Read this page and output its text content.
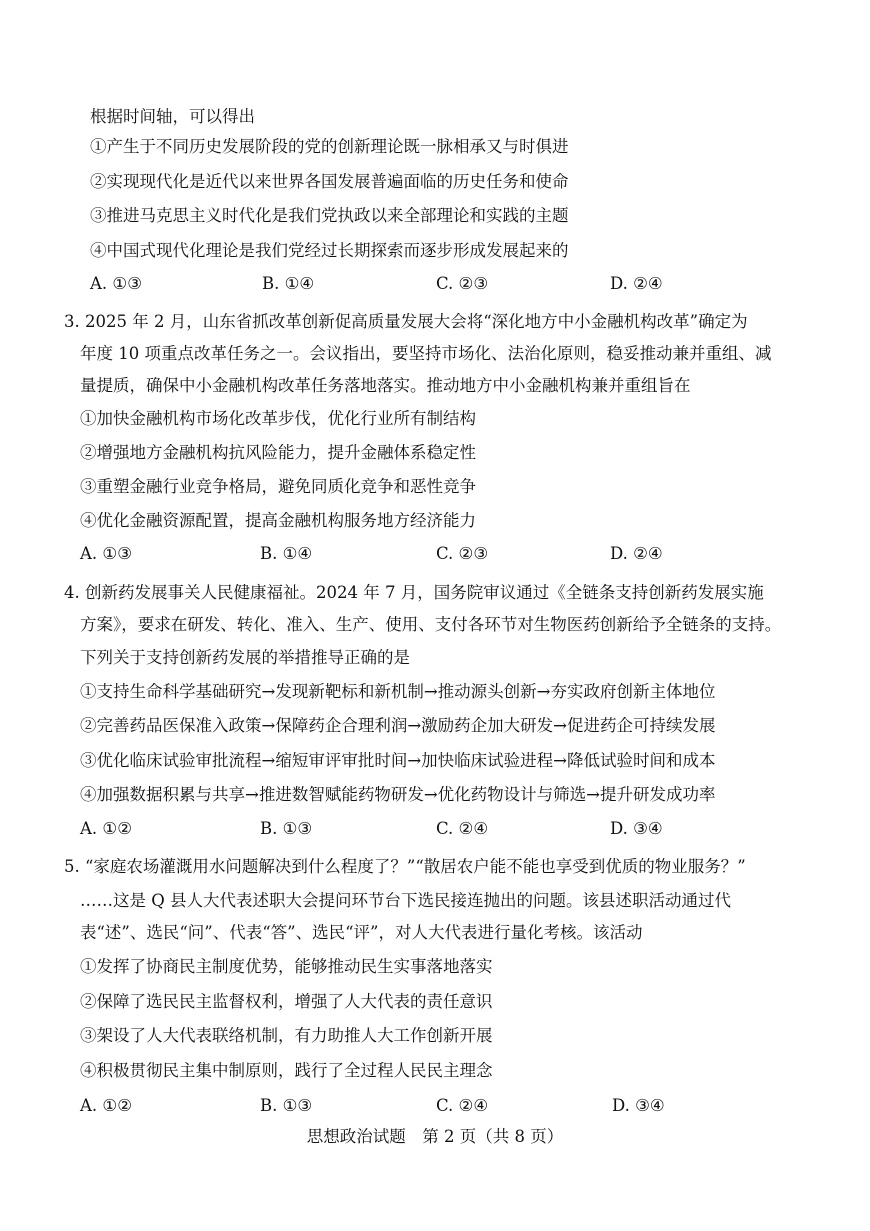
根据时间轴，可以得出
①产生于不同历史发展阶段的党的创新理论既一脉相承又与时俱进
②实现现代化是近代以来世界各国发展普遍面临的历史任务和使命
③推进马克思主义时代化是我们党执政以来全部理论和实践的主题
④中国式现代化理论是我们党经过长期探索而逐步形成发展起来的
A. ①③	B. ①④	C. ②③	D. ②④
3. 2025 年 2 月，山东省抓改革创新促高质量发展大会将“深化地方中小金融机构改革”确定为
年度 10 项重点改革任务之一。会议指出，要坚持市场化、法治化原则，稳妥推动兼并重组、减
量提质，确保中小金融机构改革任务落地落实。推动地方中小金融机构兼并重组旨在
①加快金融机构市场化改革步伐，优化行业所有制结构
②增强地方金融机构抗风险能力，提升金融体系稳定性
③重塑金融行业竞争格局，避免同质化竞争和恶性竞争
④优化金融资源配置，提高金融机构服务地方经济能力
A. ①③	B. ①④	C. ②③	D. ②④
4. 创新药发展事关人民健康福祉。2024 年 7 月，国务院审议通过《全链条支持创新药发展实施
方案》，要求在研发、转化、准入、生产、使用、支付各环节对生物医药创新给予全链条的支持。
下列关于支持创新药发展的举措推导正确的是
①支持生命科学基础研究→发现新靶标和新机制→推动源头创新→夯实政府创新主体地位
②完善药品医保准入政策→保障药企合理利润→激励药企加大研发→促进药企可持续发展
③优化临床试验审批流程→缩短审评审批时间→加快临床试验进程→降低试验时间和成本
④加强数据积累与共享→推进数智赋能药物研发→优化药物设计与筛选→提升研发成功率
A. ①②	B. ①③	C. ②④	D. ③④
5. “家庭农场灌溉用水问题解决到什么程度了？”“散居农户能不能也享受到优质的物业服务？”
……这是 Q 县人大代表述职大会提问环节台下选民接连抛出的问题。该县述职活动通过代
表“述”、选民“问”、代表“答”、选民“评”，对人大代表进行量化考核。该活动
①发挥了协商民主制度优势，能够推动民生实事落地落实
②保障了选民民主监督权利，增强了人大代表的责任意识
③架设了人大代表联络机制，有力助推人大工作创新开展
④积极贯彻民主集中制原则，践行了全过程人民民主理念
A. ①②	B. ①③	C. ②④	D. ③④
思想政治试题　第 2 页（共 8 页）
